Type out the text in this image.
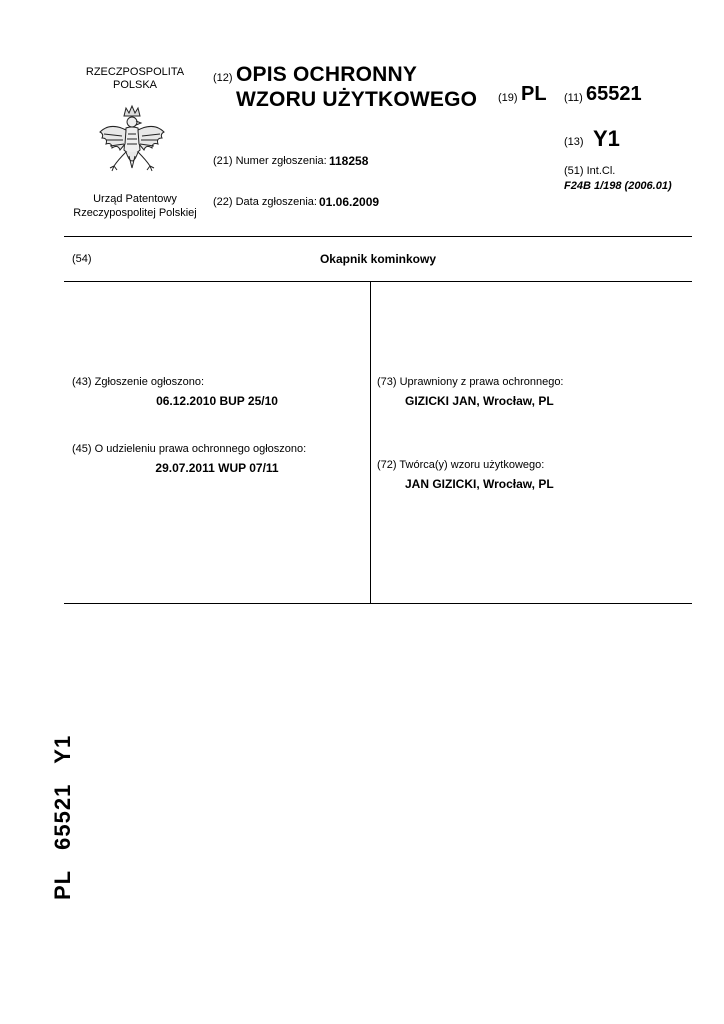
RZECZPOSPOLITA
POLSKA
Urząd Patentowy
Rzeczypospolitej Polskiej
(12) OPIS OCHRONNY
WZORU UŻYTKOWEGO
(21) Numer zgłoszenia: 118258
(22) Data zgłoszenia: 01.06.2009
(19) PL (11) 65521
(13) Y1
(51) Int.Cl.
F24B 1/198 (2006.01)
(54)	Okapnik kominkowy
(43) Zgłoszenie ogłoszono:
06.12.2010 BUP 25/10
(45) O udzieleniu prawa ochronnego ogłoszono:
29.07.2011 WUP 07/11
(73) Uprawniony z prawa ochronnego:
GIZICKI JAN, Wrocław, PL
(72) Twórca(y) wzoru użytkowego:
JAN GIZICKI, Wrocław, PL
PL65521Y1
